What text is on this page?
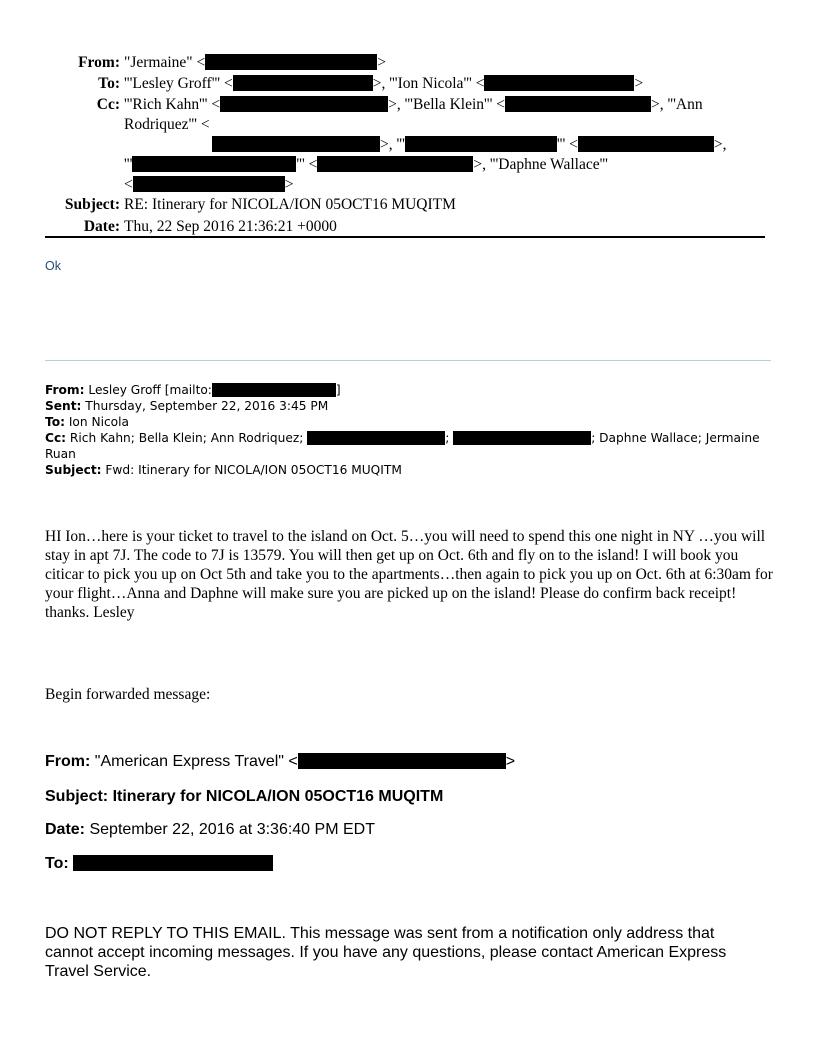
From: "Jermaine" <	>
To: '''Lesley Groff''' <	>, '''Ion Nicola''' <	>
Cc: '''Rich Kahn''' <	>, '''Bella Klein''' <	>, '''Ann Rodriquez''' <
>, '''	''' <	>,
'''	''' <	>, '''Daphne Wallace'''
<	>
Subject: RE: Itinerary for NICOLA/ION 05OCT16 MUQITM
Date: Thu, 22 Sep 2016 21:36:21 +0000
Ok
From: Lesley Groff [mailto:	]
Sent: Thursday, September 22, 2016 3:45 PM
To: Ion Nicola
Cc: Rich Kahn; Bella Klein; Ann Rodriquez;	;	; Daphne Wallace; Jermaine Ruan
Subject: Fwd: Itinerary for NICOLA/ION 05OCT16 MUQITM
HI Ion…here is your ticket to travel to the island on Oct. 5…you will need to spend this one night in NY …you will stay in apt 7J. The code to 7J is 13579. You will then get up on Oct. 6th and fly on to the island! I will book you citicar to pick you up on Oct 5th and take you to the apartments…then again to pick you up on Oct. 6th at 6:30am for your flight…Anna and Daphne will make sure you are picked up on the island! Please do confirm back receipt! thanks. Lesley
Begin forwarded message:
From: "American Express Travel" <	>
Subject: Itinerary for NICOLA/ION 05OCT16 MUQITM
Date: September 22, 2016 at 3:36:40 PM EDT
To:
DO NOT REPLY TO THIS EMAIL. This message was sent from a notification only address that cannot accept incoming messages. If you have any questions, please contact American Express Travel Service.
